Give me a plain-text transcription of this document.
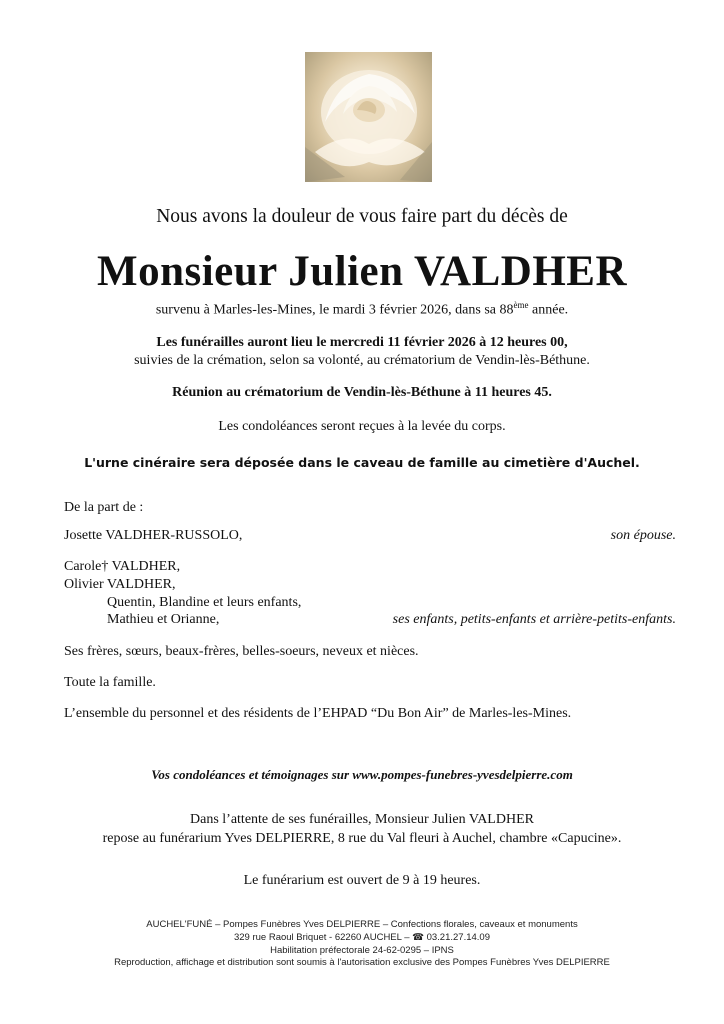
Nous avons la douleur de vous faire part du décès de
Monsieur Julien VALDHER
survenu à Marles-les-Mines, le mardi 3 février 2026, dans sa 88ème année.
Les funérailles auront lieu le mercredi 11 février 2026 à 12 heures 00,
suivies de la crémation, selon sa volonté, au crématorium de Vendin-lès-Béthune.
Réunion au crématorium de Vendin-lès-Béthune à 11 heures 45.
Les condoléances seront reçues à la levée du corps.
L'urne cinéraire sera déposée dans le caveau de famille au cimetière d'Auchel.
De la part de :
Josette VALDHER-RUSSOLO,	son épouse.
Carole† VALDHER,
Olivier VALDHER,
Quentin, Blandine et leurs enfants,
Mathieu et Orianne,	ses enfants, petits-enfants et arrière-petits-enfants.
Ses frères, sœurs, beaux-frères, belles-soeurs, neveux et nièces.
Toute la famille.
L’ensemble du personnel et des résidents de l’EHPAD “Du Bon Air” de Marles-les-Mines.
Vos condoléances et témoignages sur www.pompes-funebres-yvesdelpierre.com
Dans l’attente de ses funérailles, Monsieur Julien VALDHER
repose au funérarium Yves DELPIERRE, 8 rue du Val fleuri à Auchel, chambre «Capucine».
Le funérarium est ouvert de 9 à 19 heures.
AUCHEL'FUNÉ – Pompes Funèbres Yves DELPIERRE – Confections florales, caveaux et monuments
329 rue Raoul Briquet - 62260 AUCHEL – ☎ 03.21.27.14.09
Habilitation préfectorale 24-62-0295 – IPNS
Reproduction, affichage et distribution sont soumis à l'autorisation exclusive des Pompes Funèbres Yves DELPIERRE
